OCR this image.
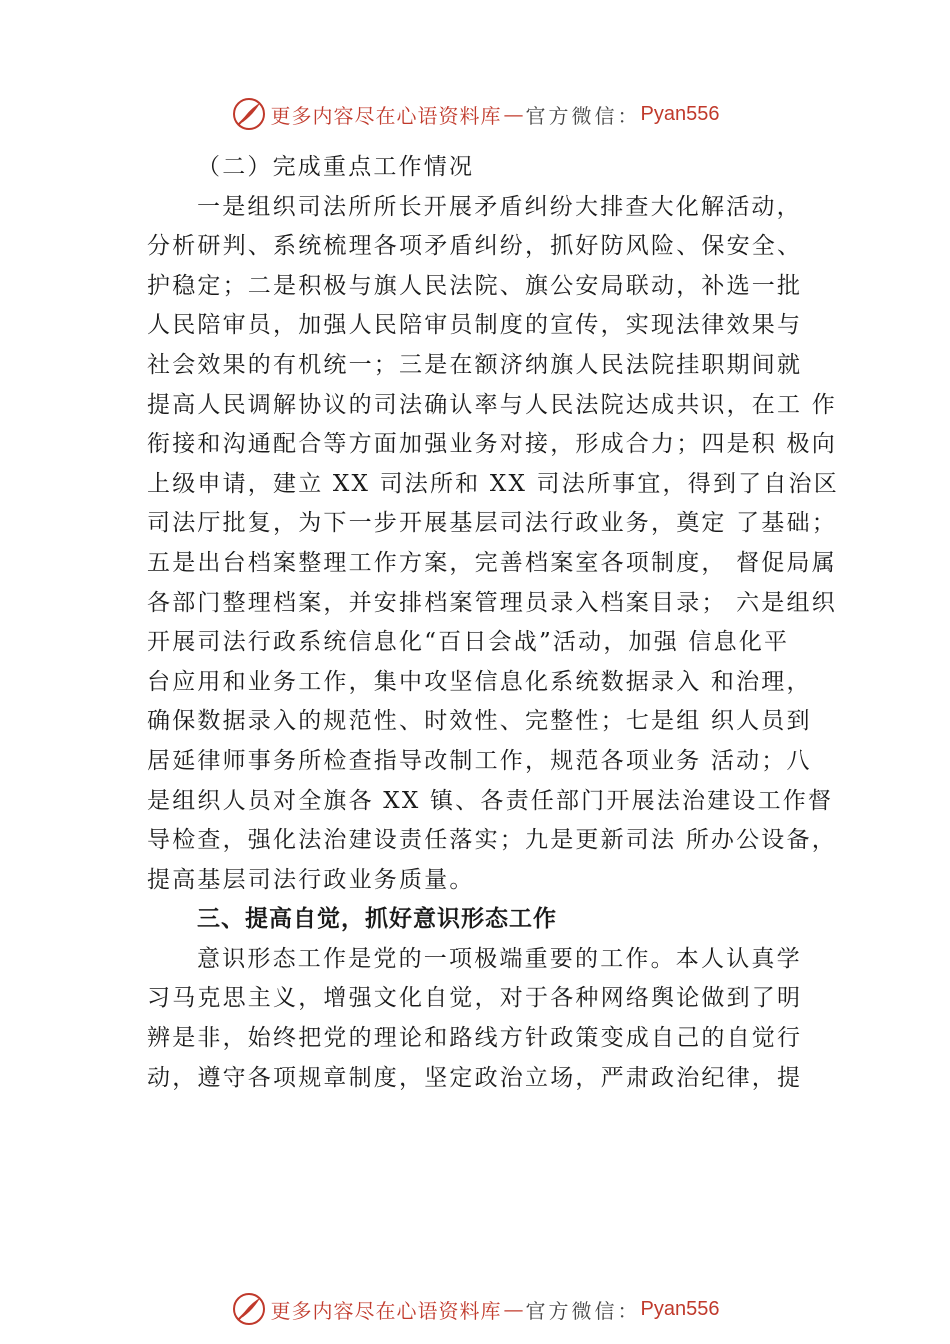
更多内容尽在心语资料库 — 官方微信： Pyan556
（二）完成重点工作情况
一是组织司法所所长开展矛盾纠纷大排查大化解活动，
分析研判、系统梳理各项矛盾纠纷，抓好防风险、保安全、
护稳定；二是积极与旗人民法院、旗公安局联动，补选一批
人民陪审员，加强人民陪审员制度的宣传，实现法律效果与
社会效果的有机统一；三是在额济纳旗人民法院挂职期间就
提高人民调解协议的司法确认率与人民法院达成共识，在工 作
衔接和沟通配合等方面加强业务对接，形成合力；四是积 极向
上级申请，建立 XX 司法所和 XX 司法所事宜，得到了自治区
司法厅批复，为下一步开展基层司法行政业务，奠定 了基础；
五是出台档案整理工作方案，完善档案室各项制度， 督促局属
各部门整理档案，并安排档案管理员录入档案目录； 六是组织
开展司法行政系统信息化“百日会战”活动，加强 信息化平
台应用和业务工作，集中攻坚信息化系统数据录入 和治理，
确保数据录入的规范性、时效性、完整性；七是组 织人员到
居延律师事务所检查指导改制工作，规范各项业务 活动；八
是组织人员对全旗各 XX 镇、各责任部门开展法治建设工作督
导检查，强化法治建设责任落实；九是更新司法 所办公设备，
提高基层司法行政业务质量。
三、提高自觉，抓好意识形态工作
意识形态工作是党的一项极端重要的工作。本人认真学
习马克思主义，增强文化自觉，对于各种网络舆论做到了明
辨是非，始终把党的理论和路线方针政策变成自己的自觉行
动，遵守各项规章制度，坚定政治立场，严肃政治纪律，提
更多内容尽在心语资料库 — 官方微信： Pyan556
